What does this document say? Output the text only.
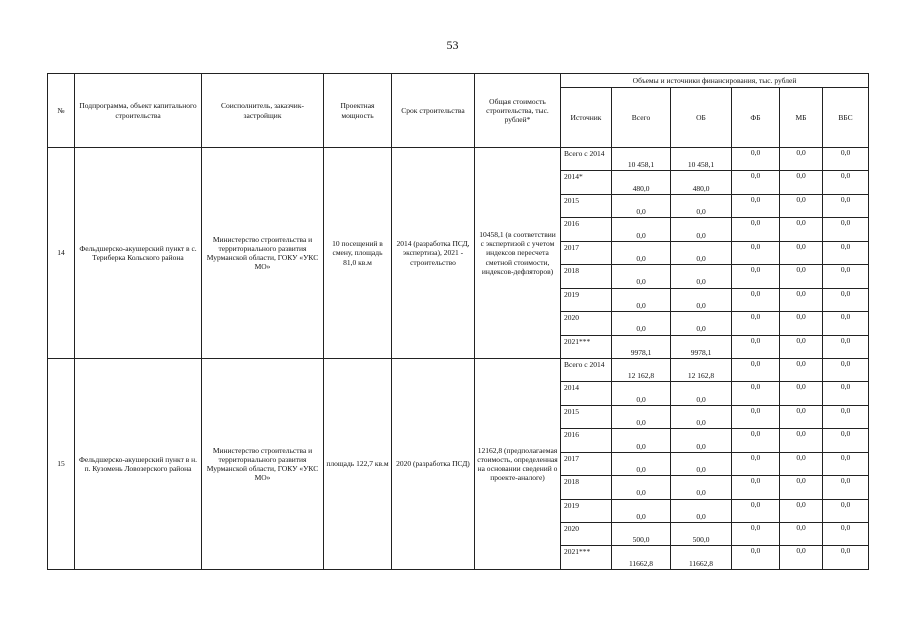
53
№	Подпрограмма, объект капитального строительства	Соисполнитель, заказчик-застройщик	Проектная мощность	Срок строительства	Общая стоимость строительства, тыс. рублей*	Объемы и источники финансирования, тыс. рублей					
						Источник	Всего	ОБ	ФБ	МБ	ВБС
14	Фельдшерско-акушерский пункт в с. Териберка Кольского района	Министерство строительства и территориального развития Мурманской области, ГОКУ «УКС МО»	10 посещений в смену, площадь 81,0 кв.м	2014 (разработка ПСД, экспертиза), 2021 - строительство	10458,1 (в соответствии с экспертизой с учетом индексов пересчета сметной стоимости, индексов-дефляторов)	Всего с 2014	10 458,1	10 458,1	0,0	0,0	0,0
						2014*	480,0	480,0	0,0	0,0	0,0
						2015	0,0	0,0	0,0	0,0	0,0
						2016	0,0	0,0	0,0	0,0	0,0
						2017	0,0	0,0	0,0	0,0	0,0
						2018	0,0	0,0	0,0	0,0	0,0
						2019	0,0	0,0	0,0	0,0	0,0
						2020	0,0	0,0	0,0	0,0	0,0
						2021***	9978,1	9978,1	0,0	0,0	0,0
15	Фельдшерско-акушерский пункт в н. п. Кузомень Ловозерского района	Министерство строительства и территориального развития Мурманской области, ГОКУ «УКС МО»	площадь 122,7 кв.м	2020 (разработка ПСД)	12162,8 (предполагаемая стоимость, определенная на основании сведений о проекте-аналоге)	Всего с 2014	12 162,8	12 162,8	0,0	0,0	0,0
						2014	0,0	0,0	0,0	0,0	0,0
						2015	0,0	0,0	0,0	0,0	0,0
						2016	0,0	0,0	0,0	0,0	0,0
						2017	0,0	0,0	0,0	0,0	0,0
						2018	0,0	0,0	0,0	0,0	0,0
						2019	0,0	0,0	0,0	0,0	0,0
						2020	500,0	500,0	0,0	0,0	0,0
						2021***	11662,8	11662,8	0,0	0,0	0,0
